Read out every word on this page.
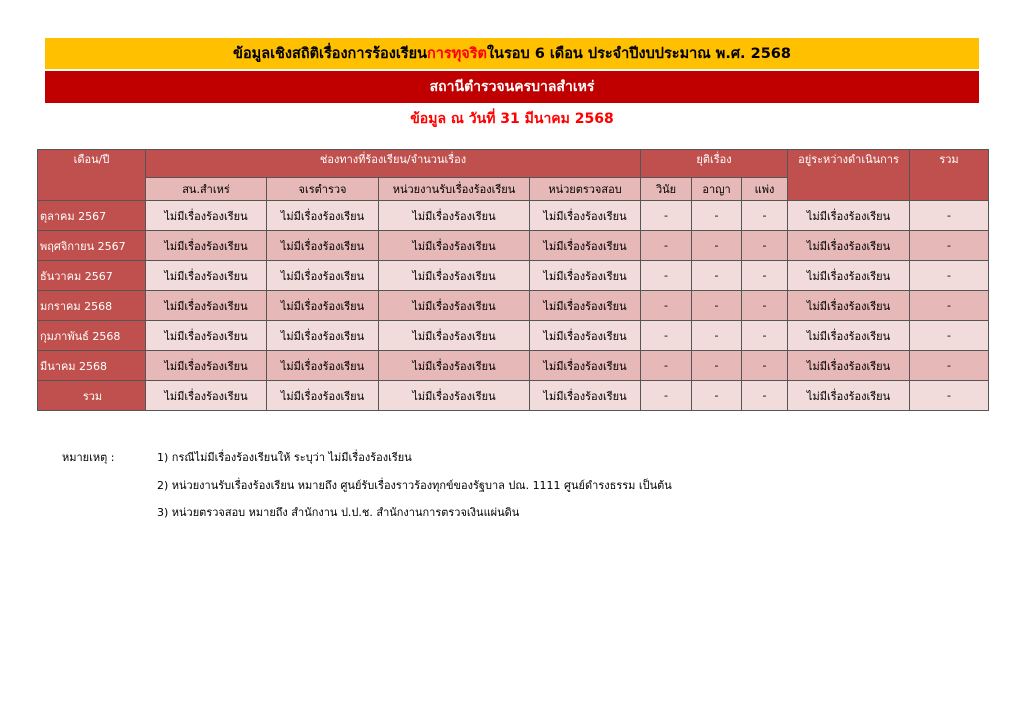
ข้อมูลเชิงสถิติเรื่องการร้องเรียน การทุจริต ในรอบ 6 เดือน ประจำปีงบประมาณ พ.ศ. 2568
สถานีตำรวจนครบาลสำเหร่
ข้อมูล ณ วันที่ 31 มีนาคม 2568
เดือน/ปี	ช่องทางที่ร้องเรียน/จำนวนเรื่อง				ยุติเรื่อง			อยู่ระหว่างดำเนินการ	รวม
	สน.สำเหร่	จเรตำรวจ	หน่วยงานรับเรื่องร้องเรียน	หน่วยตรวจสอบ	วินัย	อาญา	แพ่ง		
ตุลาคม 2567	ไม่มีเรื่องร้องเรียน	ไม่มีเรื่องร้องเรียน	ไม่มีเรื่องร้องเรียน	ไม่มีเรื่องร้องเรียน	-	-	-	ไม่มีเรื่องร้องเรียน	-
พฤศจิกายน 2567	ไม่มีเรื่องร้องเรียน	ไม่มีเรื่องร้องเรียน	ไม่มีเรื่องร้องเรียน	ไม่มีเรื่องร้องเรียน	-	-	-	ไม่มีเรื่องร้องเรียน	-
ธันวาคม 2567	ไม่มีเรื่องร้องเรียน	ไม่มีเรื่องร้องเรียน	ไม่มีเรื่องร้องเรียน	ไม่มีเรื่องร้องเรียน	-	-	-	ไม่มีเรื่องร้องเรียน	-
มกราคม 2568	ไม่มีเรื่องร้องเรียน	ไม่มีเรื่องร้องเรียน	ไม่มีเรื่องร้องเรียน	ไม่มีเรื่องร้องเรียน	-	-	-	ไม่มีเรื่องร้องเรียน	-
กุมภาพันธ์ 2568	ไม่มีเรื่องร้องเรียน	ไม่มีเรื่องร้องเรียน	ไม่มีเรื่องร้องเรียน	ไม่มีเรื่องร้องเรียน	-	-	-	ไม่มีเรื่องร้องเรียน	-
มีนาคม 2568	ไม่มีเรื่องร้องเรียน	ไม่มีเรื่องร้องเรียน	ไม่มีเรื่องร้องเรียน	ไม่มีเรื่องร้องเรียน	-	-	-	ไม่มีเรื่องร้องเรียน	-
รวม	ไม่มีเรื่องร้องเรียน	ไม่มีเรื่องร้องเรียน	ไม่มีเรื่องร้องเรียน	ไม่มีเรื่องร้องเรียน	-	-	-	ไม่มีเรื่องร้องเรียน	-
หมายเหตุ :	1) กรณีไม่มีเรื่องร้องเรียนให้ ระบุว่า ไม่มีเรื่องร้องเรียน
2) หน่วยงานรับเรื่องร้องเรียน หมายถึง ศูนย์รับเรื่องราวร้องทุกข์ของรัฐบาล ปณ. 1111 ศูนย์ดำรงธรรม เป็นต้น
3) หน่วยตรวจสอบ หมายถึง สำนักงาน ป.ป.ช. สำนักงานการตรวจเงินแผ่นดิน
